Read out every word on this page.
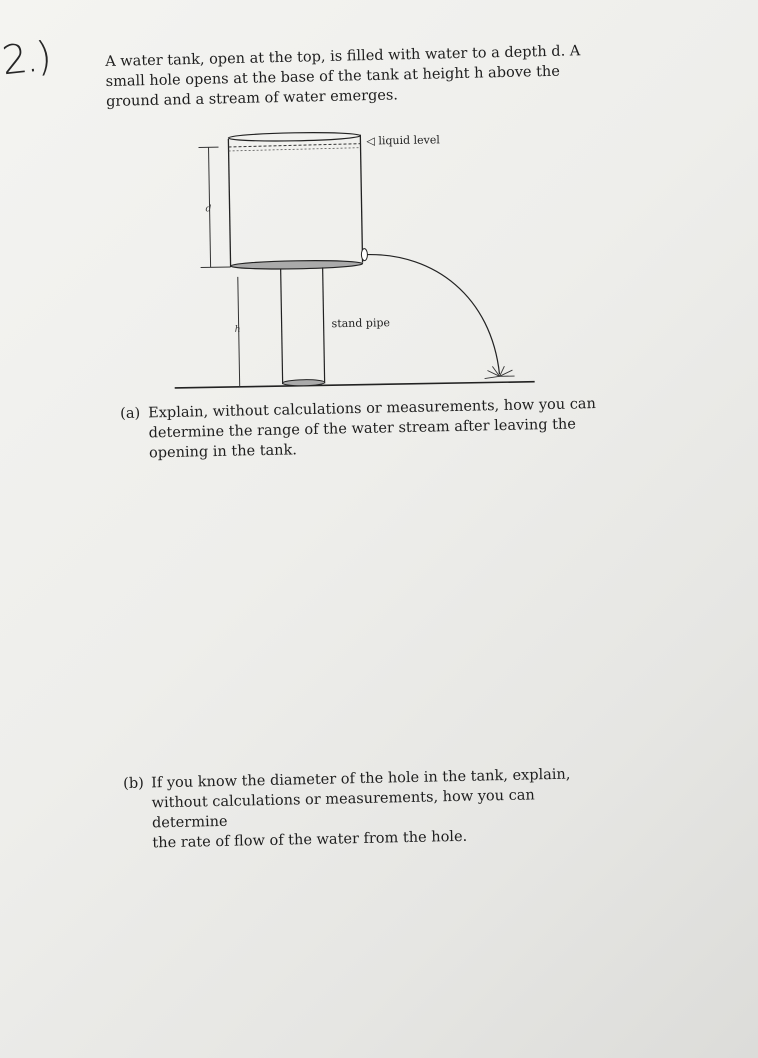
2.)	A water tank, open at the top, is filled with water to a depth d. A

small hole opens at the base of the tank at height h above the

ground and a stream of water emerges.

d
h
◁ liquid level
stand pipe
(a) Explain, without calculations or measurements, how you can
determine the range of the water stream after leaving the
opening in the tank.
(b) If you know the diameter of the hole in the tank, explain,
without calculations or measurements, how you can determine
the rate of flow of the water from the hole.
